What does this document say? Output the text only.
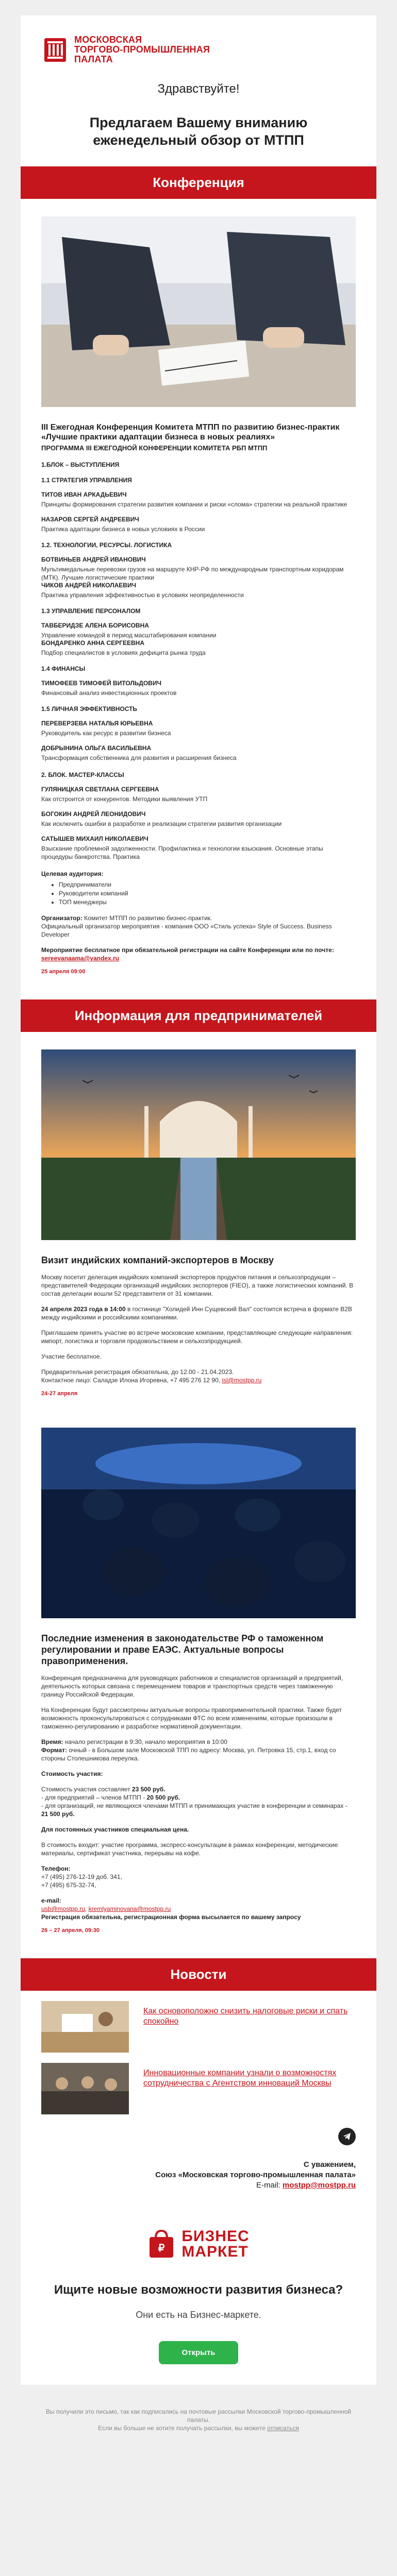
МОСКОВСКАЯ
ТОРГОВО-ПРОМЫШЛЕННАЯ
ПАЛАТА
Здравствуйте!
Предлагаем Вашему вниманию еженедельный обзор от МТПП
Конференция
III Ежегодная Конференция Комитета МТПП по развитию бизнес-практик
«Лучшие практики адаптации бизнеса в новых реалиях»
ПРОГРАММА III ЕЖЕГОДНОЙ КОНФЕРЕНЦИИ КОМИТЕТА РБП МТПП
1.БЛОК – ВЫСТУПЛЕНИЯ
1.1 СТРАТЕГИЯ УПРАВЛЕНИЯ
ТИТОВ ИВАН АРКАДЬЕВИЧ
Принципы формирования стратегии развития компании и риски «слома» стратегии на реальной практике
НАЗАРОВ СЕРГЕЙ АНДРЕЕВИЧ
Практика адаптации бизнеса в новых условиях в России
1.2. ТЕХНОЛОГИИ, РЕСУРСЫ. ЛОГИСТИКА
БОТВИНЬЕВ АНДРЕЙ ИВАНОВИЧ
Мультимедальные перевозки грузов на маршруте КНР-РФ по международным транспортным коридорам (МТК). Лучшие логистические практики
ЧИКОВ АНДРЕЙ НИКОЛАЕВИЧ
Практика управления эффективностью в условиях неопределенности
1.3 УПРАВЛЕНИЕ ПЕРСОНАЛОМ
ТАВБЕРИДЗЕ АЛЕНА БОРИСОВНА
Управление командой в период масштабирования компании
БОНДАРЕНКО АННА СЕРГЕЕВНА
Подбор специалистов в условиях дефицита рынка труда
1.4 ФИНАНСЫ
ТИМОФЕЕВ ТИМОФЕЙ ВИТОЛЬДОВИЧ
Финансовый анализ инвестиционных проектов
1.5 ЛИЧНАЯ ЭФФЕКТИВНОСТЬ
ПЕРЕВЕРЗЕВА НАТАЛЬЯ ЮРЬЕВНА
Руководитель как ресурс в развитии бизнеса
ДОБРЫНИНА ОЛЬГА ВАСИЛЬЕВНА
Трансформация собственника для развития и расширения бизнеса
2. БЛОК. МАСТЕР-КЛАССЫ
ГУЛЯНИЦКАЯ СВЕТЛАНА СЕРГЕЕВНА
Как отстроится от конкурентов. Методики выявления УТП
БОГОКИН АНДРЕЙ ЛЕОНИДОВИЧ
Как исключить ошибки в разработке и реализации стратегии развития организации
САТЫШЕВ МИХАИЛ НИКОЛАЕВИЧ
Взыскание проблемной задолженности. Профилактика и технологии взыскания. Основные этапы процедуры банкротства. Практика
Целевая аудитория:
• Предприниматели
• Руководители компаний
• ТОП менеджеры
Организатор: Комитет МТПП по развитию бизнес-практик.
Официальный организатор мероприятия - компания ООО «Стиль успеха» Style of Success. Business Developer
Мероприятие бесплатное при обязательной регистрации на сайте Конференции или по почте: sereevanaama@yandex.ru
25 апреля 09:00
Информация для предпринимателей
Визит индийских компаний-экспортеров в Москву
Москву посетит делегация индийских компаний экспортеров продуктов питания и сельхозпродукции – представителей Федерации организаций индийских экспортеров (FIEO), а также логистических компаний. В состав делегации вошли 52 представителя от 31 компании.
24 апреля 2023 года в 14:00 в гостинице "Холидей Инн Сущевский Вал" состоится встреча в формате B2B между индийскими и российскими компаниями.
Приглашаем принять участие во встрече московские компании, представляющие следующие направления: импорт, логистика и торговля продовольствием и сельхозпродукцией.
Участие бесплатное.
Предварительная регистрация обязательна, до 12.00 - 21.04.2023.
Контактное лицо: Саладзе Илона Игоревна, +7 495 276 12 90, isl@mostpp.ru
24-27 апреля
Последние изменения в законодательстве РФ о таможенном регулировании и праве ЕАЭС. Актуальные вопросы правоприменения.
Конференция предназначена для руководящих работников и специалистов организаций и предприятий, деятельность которых связана с перемещением товаров и транспортных средств через таможенную границу Российской Федерации.
На Конференции будут рассмотрены актуальные вопросы правоприменительной практики. Также будет возможность проконсультироваться с сотрудниками ФТС по всем изменениям, которые произошли в таможенно-регулированию и разработке нормативной документации.
Время: начало регистрации в 9:30, начало мероприятия в 10:00
Формат: очный - в Большом зале Московской ТПП по адресу: Москва, ул. Петровка 15, стр.1, вход со стороны Столешникова переулка.
Стоимость участия:
Стоимость участия составляет 23 500 руб.
- для предприятий – членов МТПП - 20 500 руб.
- для организаций, не являющихся членами МТПП и принимающих участие в конференции и семинарах - 21 500 руб.
Для постоянных участников специальная цена.
В стоимость входит: участие программа, экспресс-консультации в рамках конференции, методические материалы, сертификат участника, перерывы на кофе.
Телефон:
+7 (495) 276-12-19 доб. 341,
+7 (495) 675-32-74,
e-mail:
usb@mostpp.ru, kremlyaminovana@mostpp.ru
Регистрация обязательна, регистрационная форма высылается по вашему запросу
26 – 27 апреля, 09:30
Новости
Как основоположно снизить налоговые риски и спать спокойно
Инновационные компании узнали о возможностях сотрудничества с Агентством инноваций Москвы
С уважением,
Союз «Московская торгово-промышленная палата»
E-mail: mostpp@mostpp.ru
₽
БИЗНЕС
МАРКЕТ
Ищите новые возможности развития бизнеса?
Они есть на Бизнес-маркете.
Открыть
Вы получили это письмо, так как подписались на почтовые рассылки Московской торгово-промышленной палаты.
Если вы больше не хотите получать рассылки, вы можете отписаться
